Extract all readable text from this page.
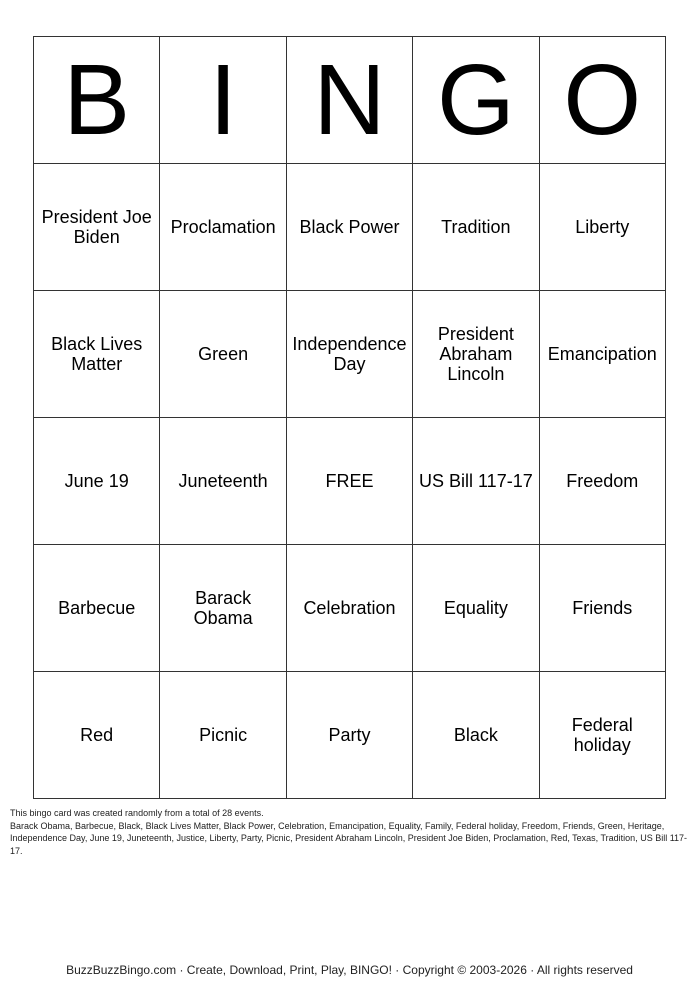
B	I	N	G	O
President Joe Biden	Proclamation	Black Power	Tradition	Liberty
Black Lives Matter	Green	Independence Day	President Abraham Lincoln	Emancipation
June 19	Juneteenth	FREE	US Bill 117-17	Freedom
Barbecue	Barack Obama	Celebration	Equality	Friends
Red	Picnic	Party	Black	Federal holiday
This bingo card was created randomly from a total of 28 events.
Barack Obama, Barbecue, Black, Black Lives Matter, Black Power, Celebration, Emancipation, Equality, Family, Federal holiday, Freedom, Friends, Green, Heritage, Independence Day, June 19, Juneteenth, Justice, Liberty, Party, Picnic, President Abraham Lincoln, President Joe Biden, Proclamation, Red, Texas, Tradition, US Bill 117-17.
BuzzBuzzBingo.com · Create, Download, Print, Play, BINGO! · Copyright © 2003-2026 · All rights reserved
